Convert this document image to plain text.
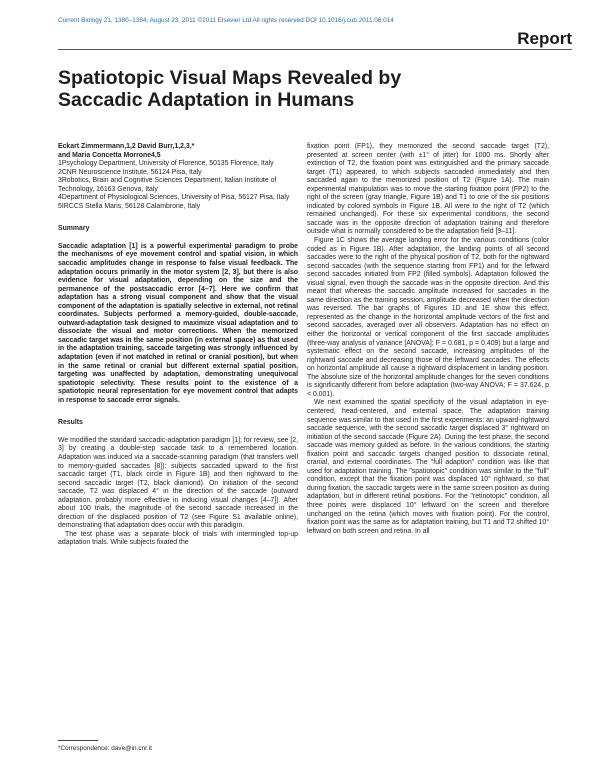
Current Biology 21, 1380–1384, August 23, 2011 ©2011 Elsevier Ltd All rights reserved DOI 10.1016/j.cub.2011.06.014
Report
Spatiotopic Visual Maps Revealed by Saccadic Adaptation in Humans
Eckart Zimmermann,1,2 David Burr,1,2,3,*
and Maria Concetta Morrone4,5
1Psychology Department, University of Florence, 50135 Florence, Italy
2CNR Neuroscience Institute, 56124 Pisa, Italy
3Robotics, Brain and Cognitive Sciences Department, Italian Institute of Technology, 16163 Genova, Italy
4Department of Physiological Sciences, University of Pisa, 56127 Pisa, Italy
5IRCCS Stella Maris, 56128 Calambrone, Italy
Summary

Saccadic adaptation [1] is a powerful experimental paradigm to probe the mechanisms of eye movement control and spatial vision, in which saccadic amplitudes change in response to false visual feedback. The adaptation occurs primarily in the motor system [2, 3], but there is also evidence for visual adaptation, depending on the size and the permanence of the postsaccadic error [4–7]. Here we confirm that adaptation has a strong visual component and show that the visual component of the adaptation is spatially selective in external, not retinal coordinates. Subjects performed a memory-guided, double-saccade, outward-adaptation task designed to maximize visual adaptation and to dissociate the visual and motor corrections. When the memorized saccadic target was in the same position (in external space) as that used in the adaptation training, saccade targeting was strongly influenced by adaptation (even if not matched in retinal or cranial position), but when in the same retinal or cranial but different external spatial position, targeting was unaffected by adaptation, demonstrating unequivocal spatiotopic selectivity. These results point to the existence of a spatiotopic neural representation for eye movement control that adapts in response to saccade error signals.

Results

We modified the standard saccadic-adaptation paradigm [1]; for review, see [2, 3] by creating a double-step saccade task to a remembered location. Adaptation was induced via a saccade-scanning paradigm (that transfers well to memory-guided saccades [8]): subjects saccaded upward to the first saccadic target (T1, black circle in Figure 1B) and then rightward to the second saccadic target (T2, black diamond). On initiation of the second saccade, T2 was displaced 4° in the direction of the saccade (outward adaptation, probably more effective in inducing visual changes [4–7]). After about 100 trials, the magnitude of the second saccade increased in the direction of the displaced position of T2 (see Figure S1 available online), demonstrating that adaptation does occur with this paradigm.

The test phase was a separate block of trials with intermingled top-up adaptation trials. While subjects fixated the

fixation point (FP1), they memorized the second saccade target (T2), presented at screen center (with ±1° of jitter) for 1000 ms. Shortly after extinction of T2, the fixation point was extinguished and the primary saccade target (T1) appeared, to which subjects saccaded immediately and then saccaded again to the memorized position of T2 (Figure 1A). The main experimental manipulation was to move the starting fixation point (FP2) to the right of the screen (gray triangle, Figure 1B) and T1 to one of the six positions indicated by colored symbols in Figure 1B. All were to the right of T2 (which remained unchanged). For these six experimental conditions, the second saccade was in the opposite direction of adaptation training and therefore outside what is normally considered to be the adaptation field [9–11].

Figure 1C shows the average landing error for the various conditions (color coded as in Figure 1B). After adaptation, the landing points of all second saccades were to the right of the physical position of T2, both for the rightward second saccades (with the sequence starting from FP1) and for the leftward second saccades initiated from FP2 (filled symbols). Adaptation followed the visual signal, even though the saccade was in the opposite direction. And this meant that whereas the saccadic amplitude increased for saccades in the same direction as the training session, amplitude decreased when the direction was reversed. The bar graphs of Figures 1D and 1E show this effect, represented as the change in the horizontal amplitude vectors of the first and second saccades, averaged over all observers. Adaptation has no effect on either the horizontal or vertical component of the first saccade amplitudes (three-way analysis of variance [ANOVA]; F = 0.681, p = 0.409) but a large and systematic effect on the second saccade, increasing amplitudes of the rightward saccade and decreasing those of the leftward saccades. The effects on horizontal amplitude all cause a rightward displacement in landing position. The absolute size of the horizontal amplitude changes for the seven conditions is significantly different from before adaptation (two-way ANOVA; F = 37.624, p < 0.001).

We next examined the spatial specificity of the visual adaptation in eye-centered, head-centered, and external space. The adaptation training sequence was similar to that used in the first experiments: an upward-rightward saccade sequence, with the second saccadic target displaced 3° rightward on initiation of the second saccade (Figure 2A). During the test phase, the second saccade was memory guided as before. In the various conditions, the starting fixation point and saccadic targets changed position to dissociate retinal, cranial, and external coordinates. The "full adaption" condition was like that used for adaptation training. The "spatiotopic" condition was similar to the "full" condition, except that the fixation point was displaced 10° rightward, so that during fixation, the saccadic targets were in the same screen position as during adaptation, but in different retinal positions. For the "retinotopic" condition, all three points were displaced 10° leftward on the screen and therefore unchanged on the retina (which moves with fixation point). For the control, fixation point was the same as for adaptation training, but T1 and T2 shifted 10° leftward on both screen and retina. In all

*Correspondence: dave@in.cnr.it
